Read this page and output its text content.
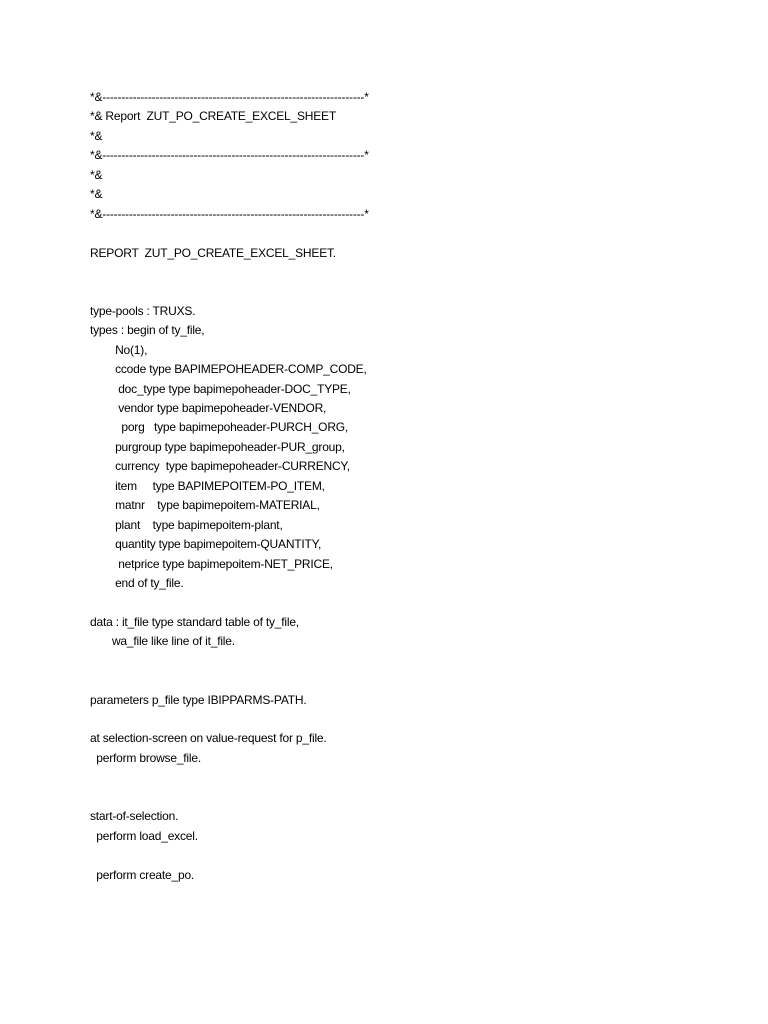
*&---------------------------------------------------------------------*
*& Report  ZUT_PO_CREATE_EXCEL_SHEET
*&
*&---------------------------------------------------------------------*
*&
*&
*&---------------------------------------------------------------------*
REPORT  ZUT_PO_CREATE_EXCEL_SHEET.
type-pools : TRUXS.
types : begin of ty_file,
No(1),
ccode type BAPIMEPOHEADER-COMP_CODE,
doc_type type bapimepoheader-DOC_TYPE,
vendor type bapimepoheader-VENDOR,
porg   type bapimepoheader-PURCH_ORG,
purgroup type bapimepoheader-PUR_group,
currency  type bapimepoheader-CURRENCY,
item     type BAPIMEPOITEM-PO_ITEM,
matnr    type bapimepoitem-MATERIAL,
plant    type bapimepoitem-plant,
quantity type bapimepoitem-QUANTITY,
netprice type bapimepoitem-NET_PRICE,
end of ty_file.
data : it_file type standard table of ty_file,
wa_file like line of it_file.
parameters p_file type IBIPPARMS-PATH.
at selection-screen on value-request for p_file.
perform browse_file.
start-of-selection.
perform load_excel.
perform create_po.
